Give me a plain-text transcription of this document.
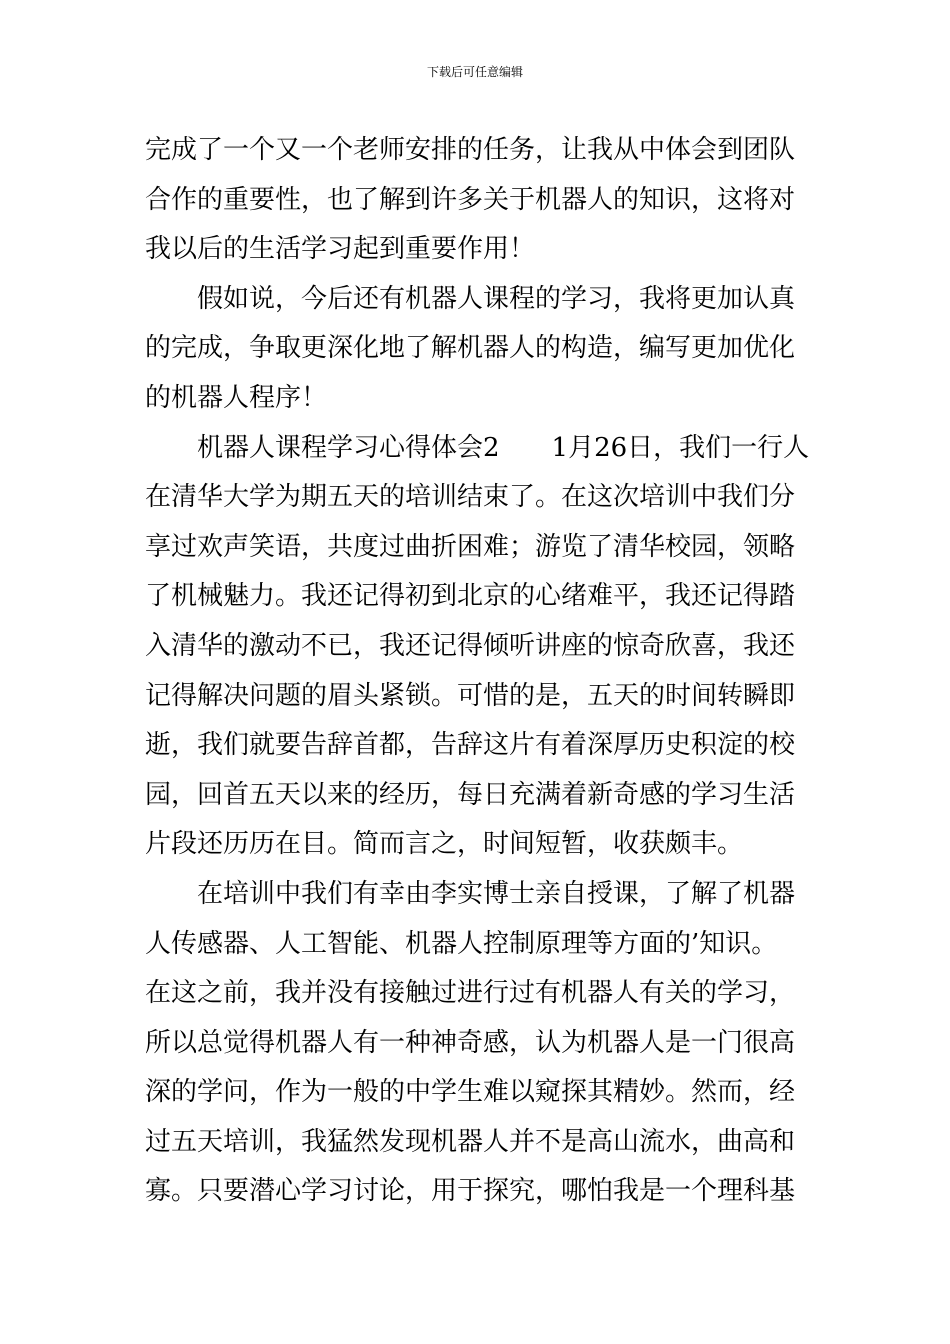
下载后可任意编辑
完成了一个又一个老师安排的任务，让我从中体会到团队
合作的重要性，也了解到许多关于机器人的知识，这将对
我以后的生活学习起到重要作用！
假如说，今后还有机器人课程的学习，我将更加认真
的完成，争取更深化地了解机器人的构造，编写更加优化
的机器人程序！
机器人课程学习心得体会2　　1月26日，我们一行人
在清华大学为期五天的培训结束了。在这次培训中我们分
享过欢声笑语，共度过曲折困难；游览了清华校园，领略
了机械魅力。我还记得初到北京的心绪难平，我还记得踏
入清华的激动不已，我还记得倾听讲座的惊奇欣喜，我还
记得解决问题的眉头紧锁。可惜的是，五天的时间转瞬即
逝，我们就要告辞首都，告辞这片有着深厚历史积淀的校
园，回首五天以来的经历，每日充满着新奇感的学习生活
片段还历历在目。简而言之，时间短暂，收获颇丰。
在培训中我们有幸由李实博士亲自授课，了解了机器
人传感器、人工智能、机器人控制原理等方面的’知识。
在这之前，我并没有接触过进行过有机器人有关的学习，
所以总觉得机器人有一种神奇感，认为机器人是一门很高
深的学问，作为一般的中学生难以窥探其精妙。然而，经
过五天培训，我猛然发现机器人并不是高山流水，曲高和
寡。只要潜心学习讨论，用于探究，哪怕我是一个理科基
